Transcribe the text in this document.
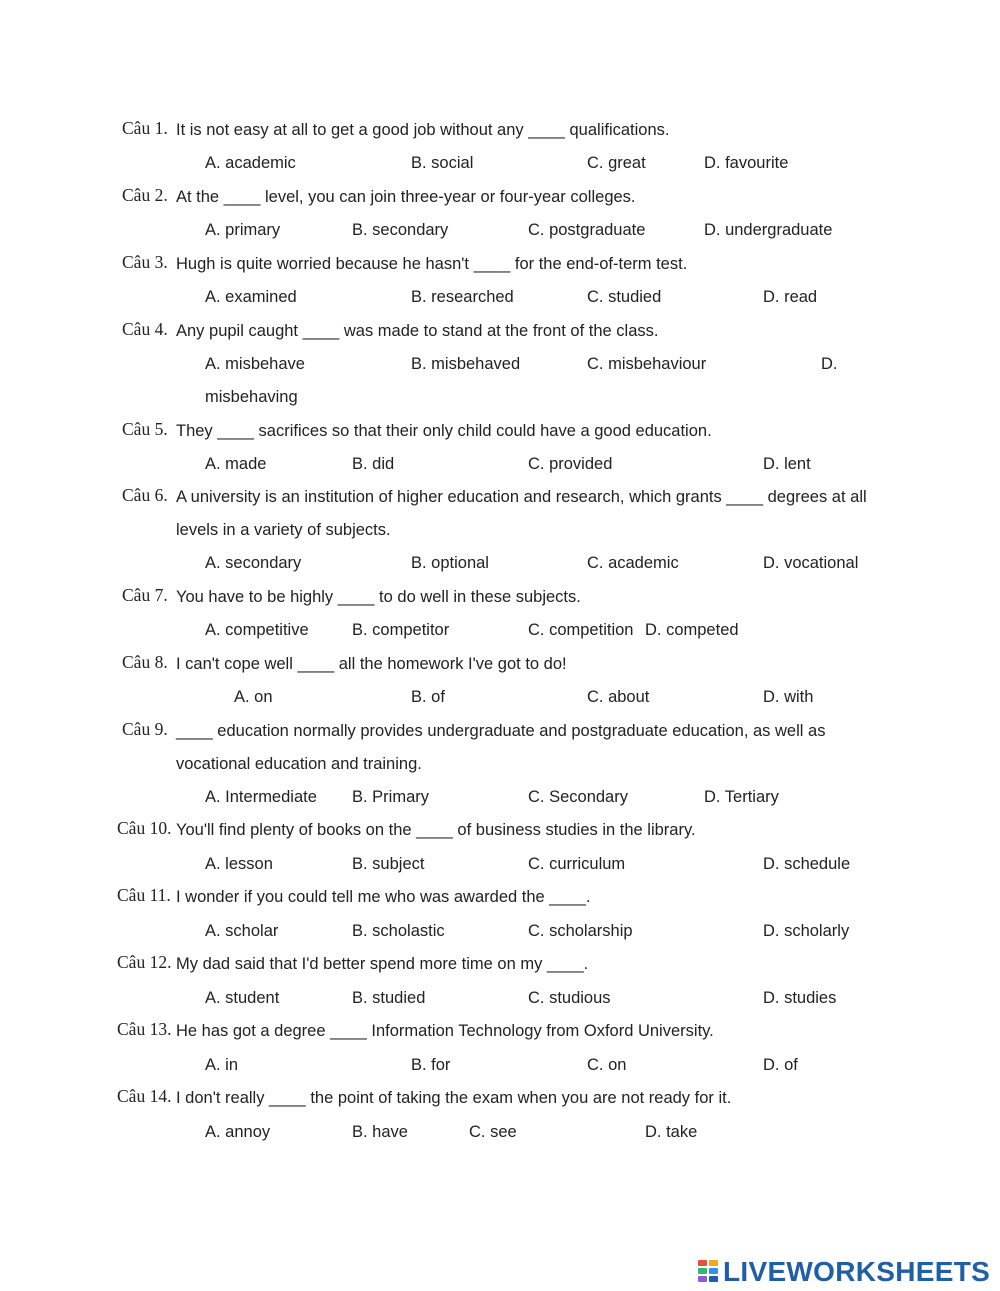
Câu 1. It is not easy at all to get a good job without any ____ qualifications.
A. academic	B. social	C. great	D. favourite
Câu 2. At the ____ level, you can join three-year or four-year colleges.
A. primary	B. secondary	C. postgraduate	D. undergraduate
Câu 3. Hugh is quite worried because he hasn't ____ for the end-of-term test.
A. examined	B. researched	C. studied	D. read
Câu 4. Any pupil caught ____ was made to stand at the front of the class.
A. misbehave	B. misbehaved	C. misbehaviour	D.
misbehaving
Câu 5. They ____ sacrifices so that their only child could have a good education.
A. made	B. did	C. provided	D. lent
Câu 6. A university is an institution of higher education and research, which grants ____ degrees at all
levels in a variety of subjects.
A. secondary	B. optional	C. academic	D. vocational
Câu 7. You have to be highly ____ to do well in these subjects.
A. competitive	B. competitor	C. competition D. competed
Câu 8. I can't cope well ____ all the homework I've got to do!
A. on	B. of	C. about	D. with
Câu 9. ____ education normally provides undergraduate and postgraduate education, as well as
vocational education and training.
A. Intermediate B. Primary	C. Secondary	D. Tertiary
Câu 10. You'll find plenty of books on the ____ of business studies in the library.
A. lesson	B. subject	C. curriculum	D. schedule
Câu 11. I wonder if you could tell me who was awarded the ____.
A. scholar	B. scholastic	C. scholarship	D. scholarly
Câu 12. My dad said that I'd better spend more time on my ____.
A. student	B. studied	C. studious	D. studies
Câu 13. He has got a degree ____ Information Technology from Oxford University.
A. in	B. for	C. on	D. of
Câu 14. I don't really ____ the point of taking the exam when you are not ready for it.
A. annoy	B. have	C. see	D. take
LIVEWORKSHEETS
